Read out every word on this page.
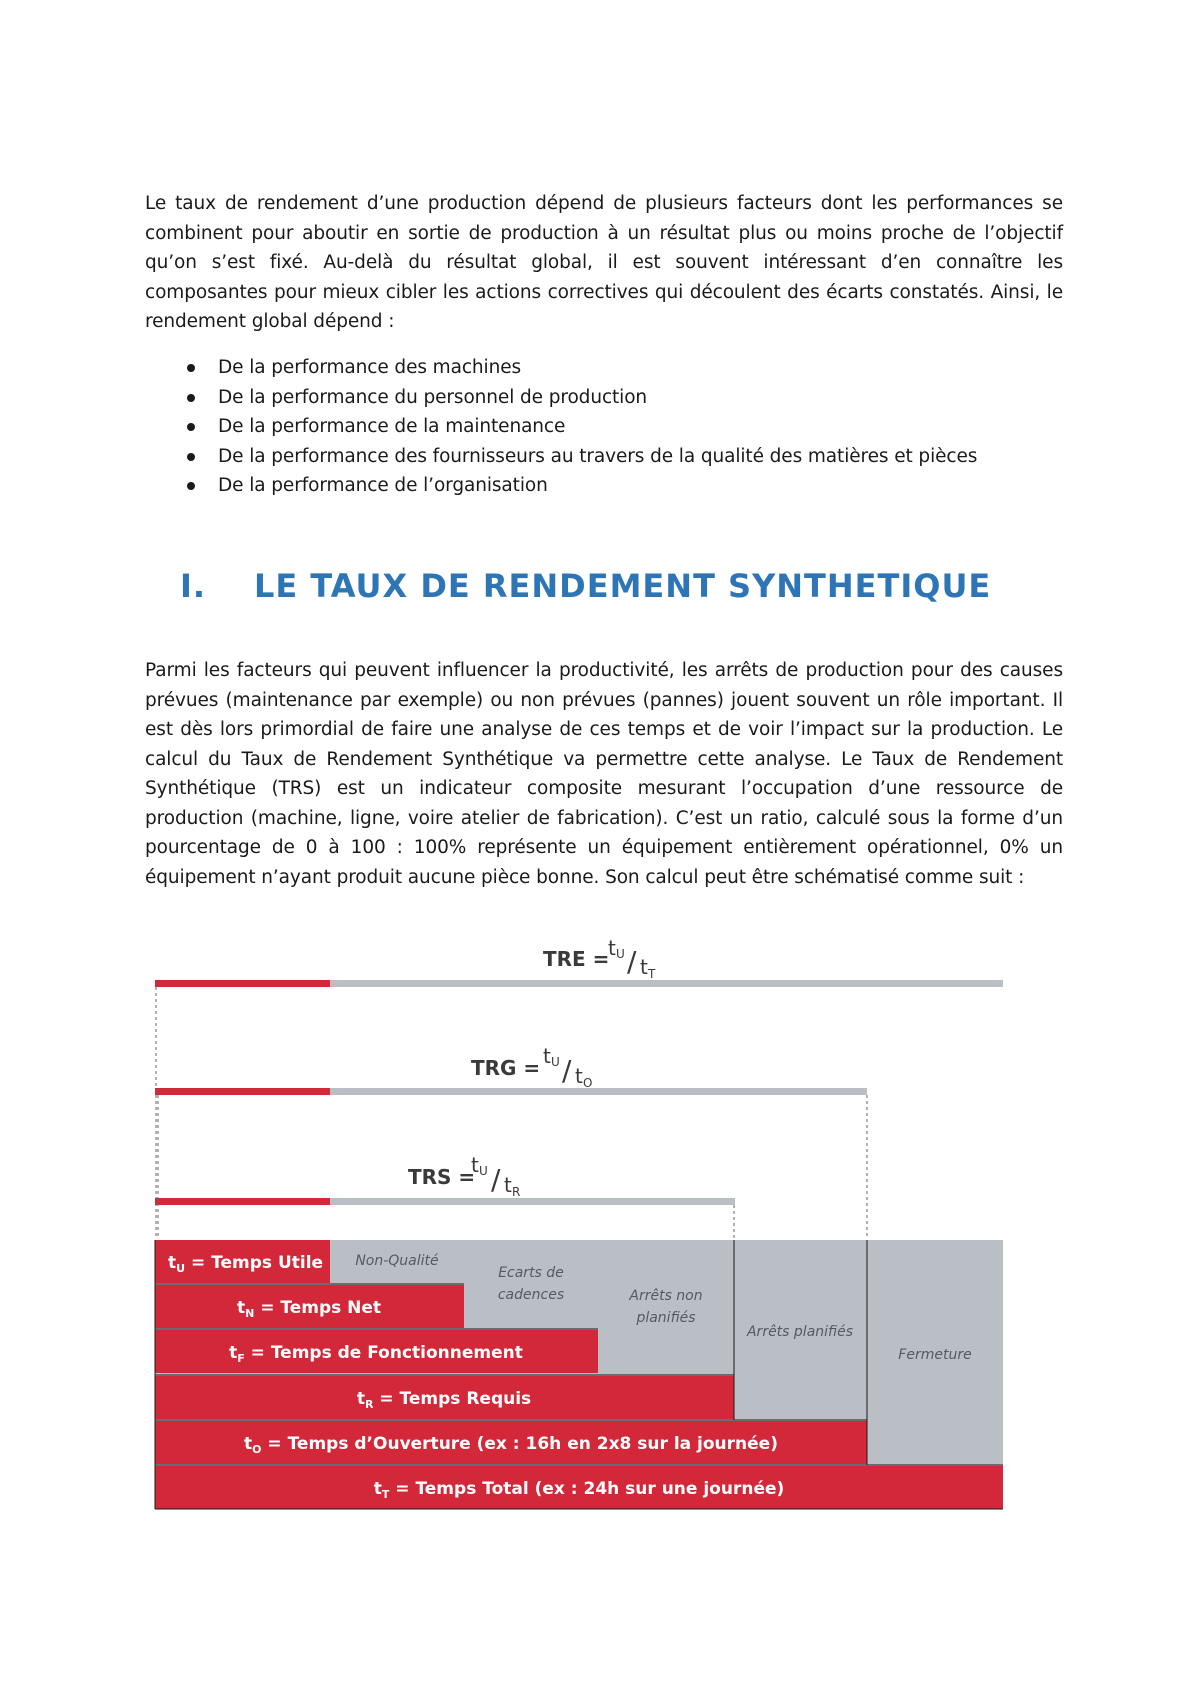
Le taux de rendement d’une production dépend de plusieurs facteurs dont les performances se combinent pour aboutir en sortie de production à un résultat plus ou moins proche de l’objectif qu’on s’est fixé. Au-delà du résultat global, il est souvent intéressant d’en connaître les composantes pour mieux cibler les actions correctives qui découlent des écarts constatés. Ainsi, le rendement global dépend :

De la performance des machines
De la performance du personnel de production
De la performance de la maintenance
De la performance des fournisseurs au travers de la qualité des matières et pièces
De la performance de l’organisation
I. LE TAUX DE RENDEMENT SYNTHETIQUE

Parmi les facteurs qui peuvent influencer la productivité, les arrêts de production pour des causes prévues (maintenance par exemple) ou non prévues (pannes) jouent souvent un rôle important. Il est dès lors primordial de faire une analyse de ces temps et de voir l’impact sur la production. Le calcul du Taux de Rendement Synthétique va permettre cette analyse. Le Taux de Rendement Synthétique (TRS) est un indicateur composite mesurant l’occupation d’une ressource de production (machine, ligne, voire atelier de fabrication). C’est un ratio, calculé sous la forme d’un pourcentage de 0 à 100 : 100% représente un équipement entièrement opérationnel, 0% un équipement n’ayant produit aucune pièce bonne. Son calcul peut être schématisé comme suit :

TRE =
t U / t T
TRG = t U / t O
TRS =
t U / t R
$t_U$ = Temps Utile
$t_N$ = Temps Net
$t_F$ = Temps de Fonctionnement
$t_R$ = Temps Requis
$t_O$ = Temps d’Ouverture (ex : 16h en 2x8 sur la journée)
$t_T$ = Temps Total (ex : 24h sur une journée)
Non-Qualité
Ecarts de
cadences	Arrêts non
planifiés
Arrêts planifiés
Fermeture
